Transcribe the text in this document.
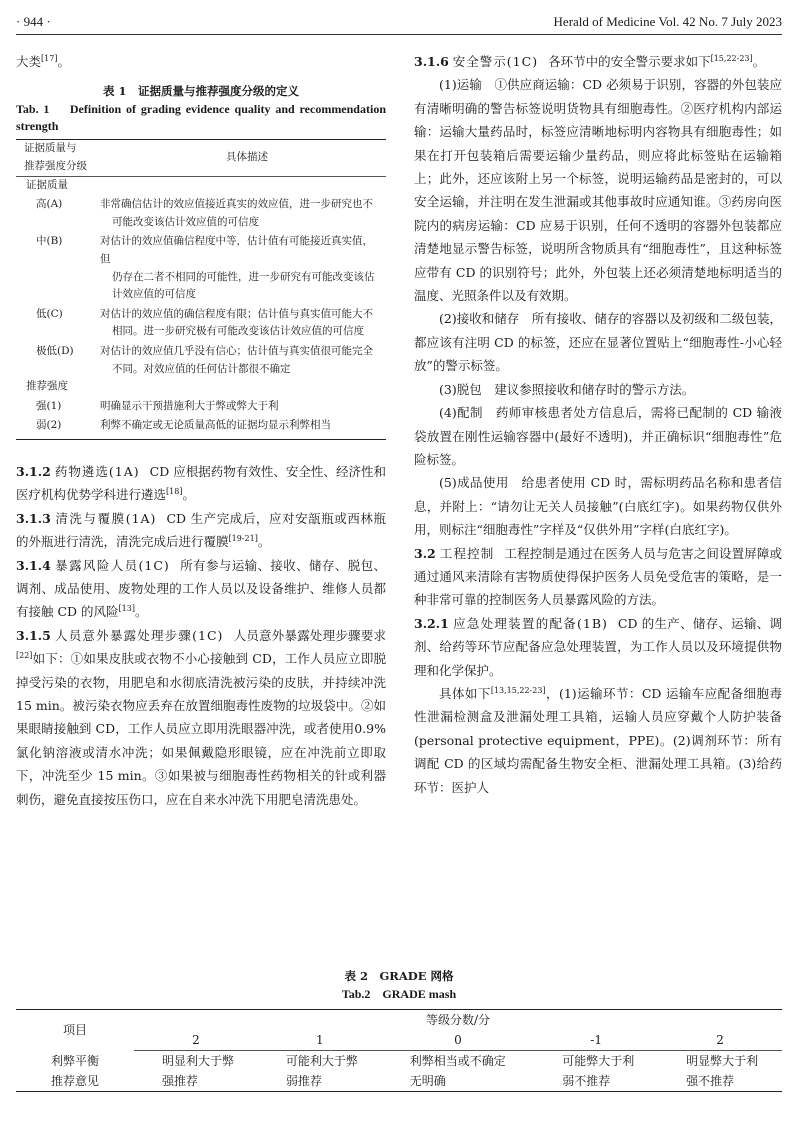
· 944 ·	Herald of Medicine Vol. 42 No. 7 July 2023

大类[17]。

表 1　证据质量与推荐强度分级的定义
Tab. 1　 Definition of grading evidence quality and recommendation strength
证据质量与
推荐强度分级
具体描述
证据质量
高(A)	非常确信估计的效应值接近真实的效应值，进一步研究也不
可能改变该估计效应值的可信度
中(B)	对估计的效应值确信程度中等，估计值有可能接近真实值，但
仍存在二者不相同的可能性，进一步研究有可能改变该估
计效应值的可信度
低(C)	对估计的效应值的确信程度有限；估计值与真实值可能大不
相同。进一步研究极有可能改变该估计效应值的可信度
极低(D)	对估计的效应值几乎没有信心；估计值与真实值很可能完全
不同。对效应值的任何估计都很不确定
推荐强度
强(1)	明确显示干预措施利大于弊或弊大于利
弱(2)	利弊不确定或无论质量高低的证据均显示利弊相当

3.1.2 药物遴选(1A) CD 应根据药物有效性、安全性、经济性和医疗机构优势学科进行遴选[18]。

3.1.3 清洗与覆膜(1A) CD 生产完成后，应对安瓿瓶或西林瓶的外瓶进行清洗，清洗完成后进行覆膜[19-21]。

3.1.4 暴露风险人员(1C) 所有参与运输、接收、储存、脱包、调剂、成品使用、废物处理的工作人员以及设备维护、维修人员都有接触 CD 的风险[13]。

3.1.5 人员意外暴露处理步骤(1C) 人员意外暴露处理步骤要求[22]如下：①如果皮肤或衣物不小心接触到 CD，工作人员应立即脱掉受污染的衣物，用肥皂和水彻底清洗被污染的皮肤，并持续冲洗 15 min。被污染衣物应丢弃在放置细胞毒性废物的垃圾袋中。②如果眼睛接触到 CD，工作人员应立即用洗眼器冲洗，或者使用0.9%氯化钠溶液或清水冲洗；如果佩戴隐形眼镜，应在冲洗前立即取下，冲洗至少 15 min。③如果被与细胞毒性药物相关的针或利器刺伤，避免直接按压伤口，应在自来水冲洗下用肥皂清洗患处。

3.1.6 安全警示(1C) 各环节中的安全警示要求如下[15,22-23]。

(1)运输　①供应商运输：CD 必须易于识别，容器的外包装应有清晰明确的警告标签说明货物具有细胞毒性。②医疗机构内部运输：运输大量药品时，标签应清晰地标明内容物具有细胞毒性；如果在打开包装箱后需要运输少量药品，则应将此标签贴在运输箱上；此外，还应该附上另一个标签，说明运输药品是密封的，可以安全运输，并注明在发生泄漏或其他事故时应通知谁。③药房向医院内的病房运输：CD 应易于识别，任何不透明的容器外包装都应清楚地显示警告标签，说明所含物质具有“细胞毒性”，且这种标签应带有 CD 的识别符号；此外，外包装上还必须清楚地标明适当的温度、光照条件以及有效期。

(2)接收和储存　所有接收、储存的容器以及初级和二级包装，都应该有注明 CD 的标签，还应在显著位置贴上“细胞毒性-小心轻放”的警示标签。

(3)脱包　建议参照接收和储存时的警示方法。

(4)配制　药师审核患者处方信息后，需将已配制的 CD 输液袋放置在刚性运输容器中(最好不透明)，并正确标识“细胞毒性”危险标签。

(5)成品使用　给患者使用 CD 时，需标明药品名称和患者信息，并附上：“请勿让无关人员接触”(白底红字)。如果药物仅供外用，则标注“细胞毒性”字样及“仅供外用”字样(白底红字)。

3.2 工程控制 工程控制是通过在医务人员与危害之间设置屏障或通过通风来清除有害物质使得保护医务人员免受危害的策略，是一种非常可靠的控制医务人员暴露风险的方法。

3.2.1 应急处理装置的配备(1B) CD 的生产、储存、运输、调剂、给药等环节应配备应急处理装置，为工作人员以及环境提供物理和化学保护。

具体如下[13,15,22-23]，(1)运输环节：CD 运输车应配备细胞毒性泄漏检测盒及泄漏处理工具箱，运输人员应穿戴个人防护装备(personal protective equipment，PPE)。(2)调剂环节：所有调配 CD 的区域均需配备生物安全柜、泄漏处理工具箱。(3)给药环节：医护人

表 2　GRADE 网格
Tab.2　GRADE mash
项目	等级分数/分				
	2	1	0	-1	2
利弊平衡	明显利大于弊	可能利大于弊	利弊相当或不确定	可能弊大于利	明显弊大于利
推荐意见	强推荐	弱推荐	无明确	弱不推荐	强不推荐
